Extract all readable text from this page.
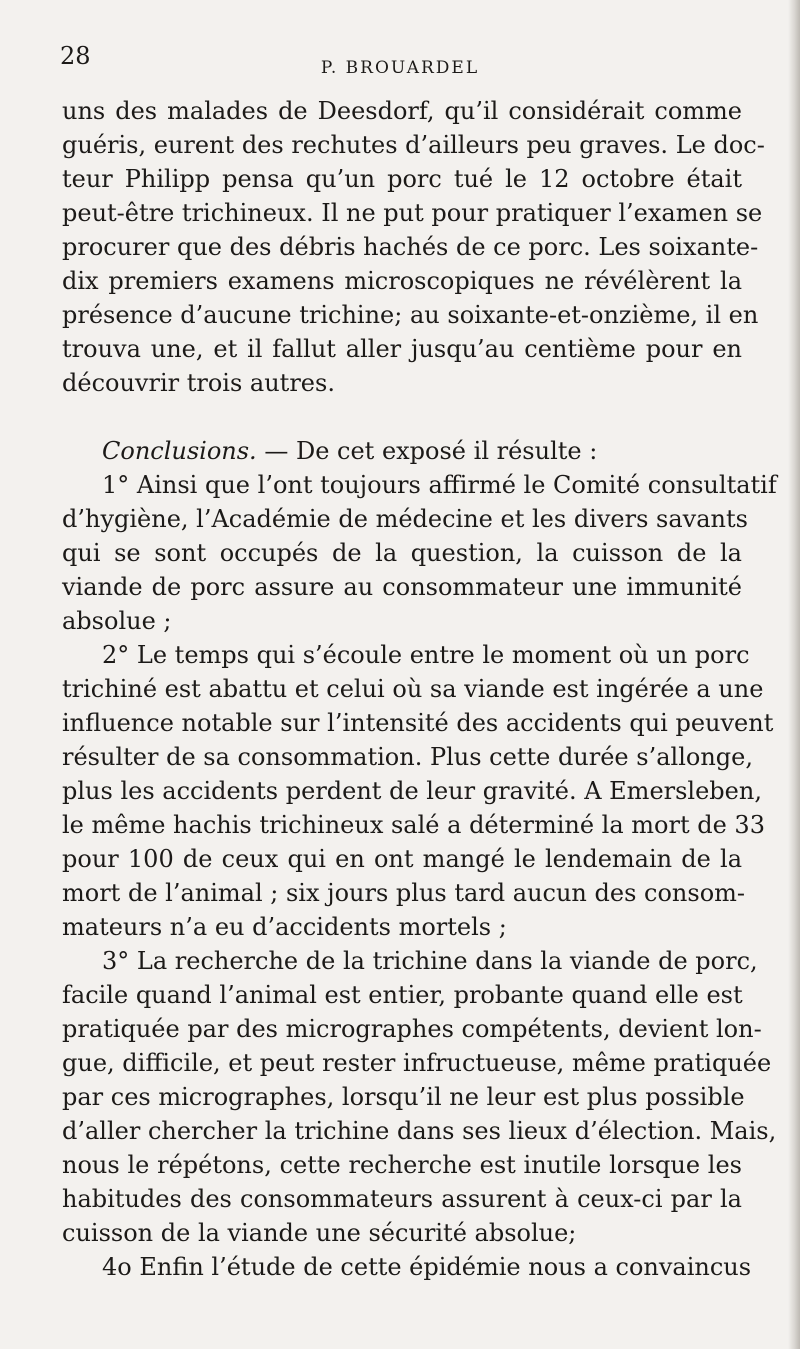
28	P. BROUARDEL
uns des malades de Deesdorf, qu’il considérait comme
guéris, eurent des rechutes d’ailleurs peu graves. Le doc-
teur Philipp pensa qu’un porc tué le 12 octobre était
peut-être trichineux. Il ne put pour pratiquer l’examen se
procurer que des débris hachés de ce porc. Les soixante-
dix premiers examens microscopiques ne révélèrent la
présence d’aucune trichine; au soixante-et-onzième, il en
trouva une, et il fallut aller jusqu’au centième pour en
découvrir trois autres.
Conclusions. — De cet exposé il résulte :
1° Ainsi que l’ont toujours affirmé le Comité consultatif
d’hygiène, l’Académie de médecine et les divers savants
qui se sont occupés de la question, la cuisson de la
viande de porc assure au consommateur une immunité
absolue ;
2° Le temps qui s’écoule entre le moment où un porc
trichiné est abattu et celui où sa viande est ingérée a une
influence notable sur l’intensité des accidents qui peuvent
résulter de sa consommation. Plus cette durée s’allonge,
plus les accidents perdent de leur gravité. A Emersleben,
le même hachis trichineux salé a déterminé la mort de 33
pour 100 de ceux qui en ont mangé le lendemain de la
mort de l’animal ; six jours plus tard aucun des consom-
mateurs n’a eu d’accidents mortels ;
3° La recherche de la trichine dans la viande de porc,
facile quand l’animal est entier, probante quand elle est
pratiquée par des micrographes compétents, devient lon-
gue, difficile, et peut rester infructueuse, même pratiquée
par ces micrographes, lorsqu’il ne leur est plus possible
d’aller chercher la trichine dans ses lieux d’élection. Mais,
nous le répétons, cette recherche est inutile lorsque les
habitudes des consommateurs assurent à ceux-ci par la
cuisson de la viande une sécurité absolue;
4o Enfin l’étude de cette épidémie nous a convaincus
